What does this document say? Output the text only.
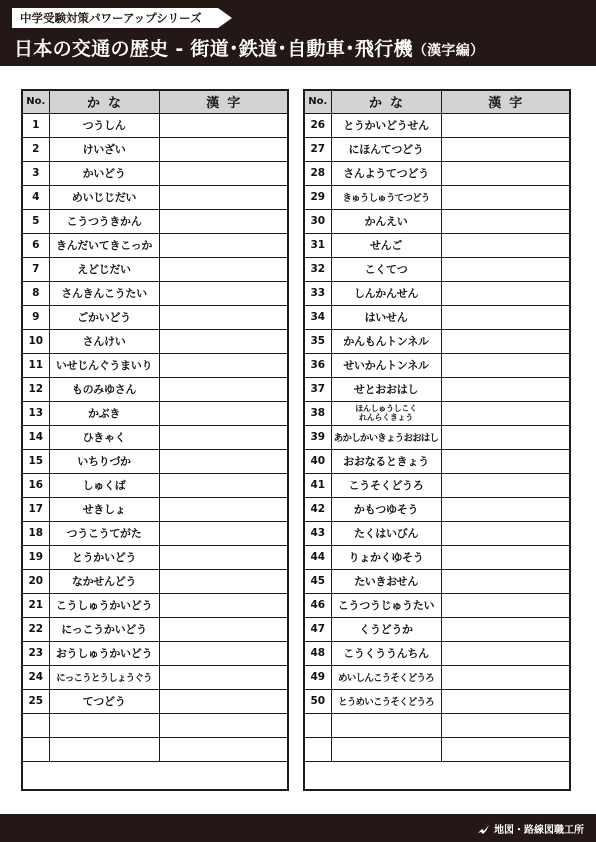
中学受験対策パワーアップシリーズ
日本の交通の歴史 - 街道･鉄道･自動車･飛行機（漢字編）
No.	かな	漢字
1	つうしん	
2	けいざい	
3	かいどう	
4	めいじじだい	
5	こうつうきかん	
6	きんだいてきこっか	
7	えどじだい	
8	さんきんこうたい	
9	ごかいどう	
10	さんけい	
11	いせじんぐうまいり	
12	ものみゆさん	
13	かぶき	
14	ひきゃく	
15	いちりづか	
16	しゅくば	
17	せきしょ	
18	つうこうてがた	
19	とうかいどう	
20	なかせんどう	
21	こうしゅうかいどう	
22	にっこうかいどう	
23	おうしゅうかいどう	
24	にっこうとうしょうぐう	
25	てつどう	

No.	かな	漢字
26	とうかいどうせん	
27	にほんてつどう	
28	さんようてつどう	
29	きゅうしゅうてつどう	
30	かんえい	
31	せんご	
32	こくてつ	
33	しんかんせん	
34	はいせん	
35	かんもんトンネル	
36	せいかんトンネル	
37	せとおおはし	
38	ほんしゅうしこく
れんらくきょう	

39	あかしかいきょうおおはし	
40	おおなるときょう	
41	こうそくどうろ	
42	かもつゆそう	
43	たくはいびん	
44	りょかくゆそう	
45	たいきおせん	
46	こうつうじゅうたい	
47	くうどうか	
48	こうくううんちん	
49	めいしんこうそくどうろ	
50	とうめいこうそくどうろ	

地図・路線図職工所
